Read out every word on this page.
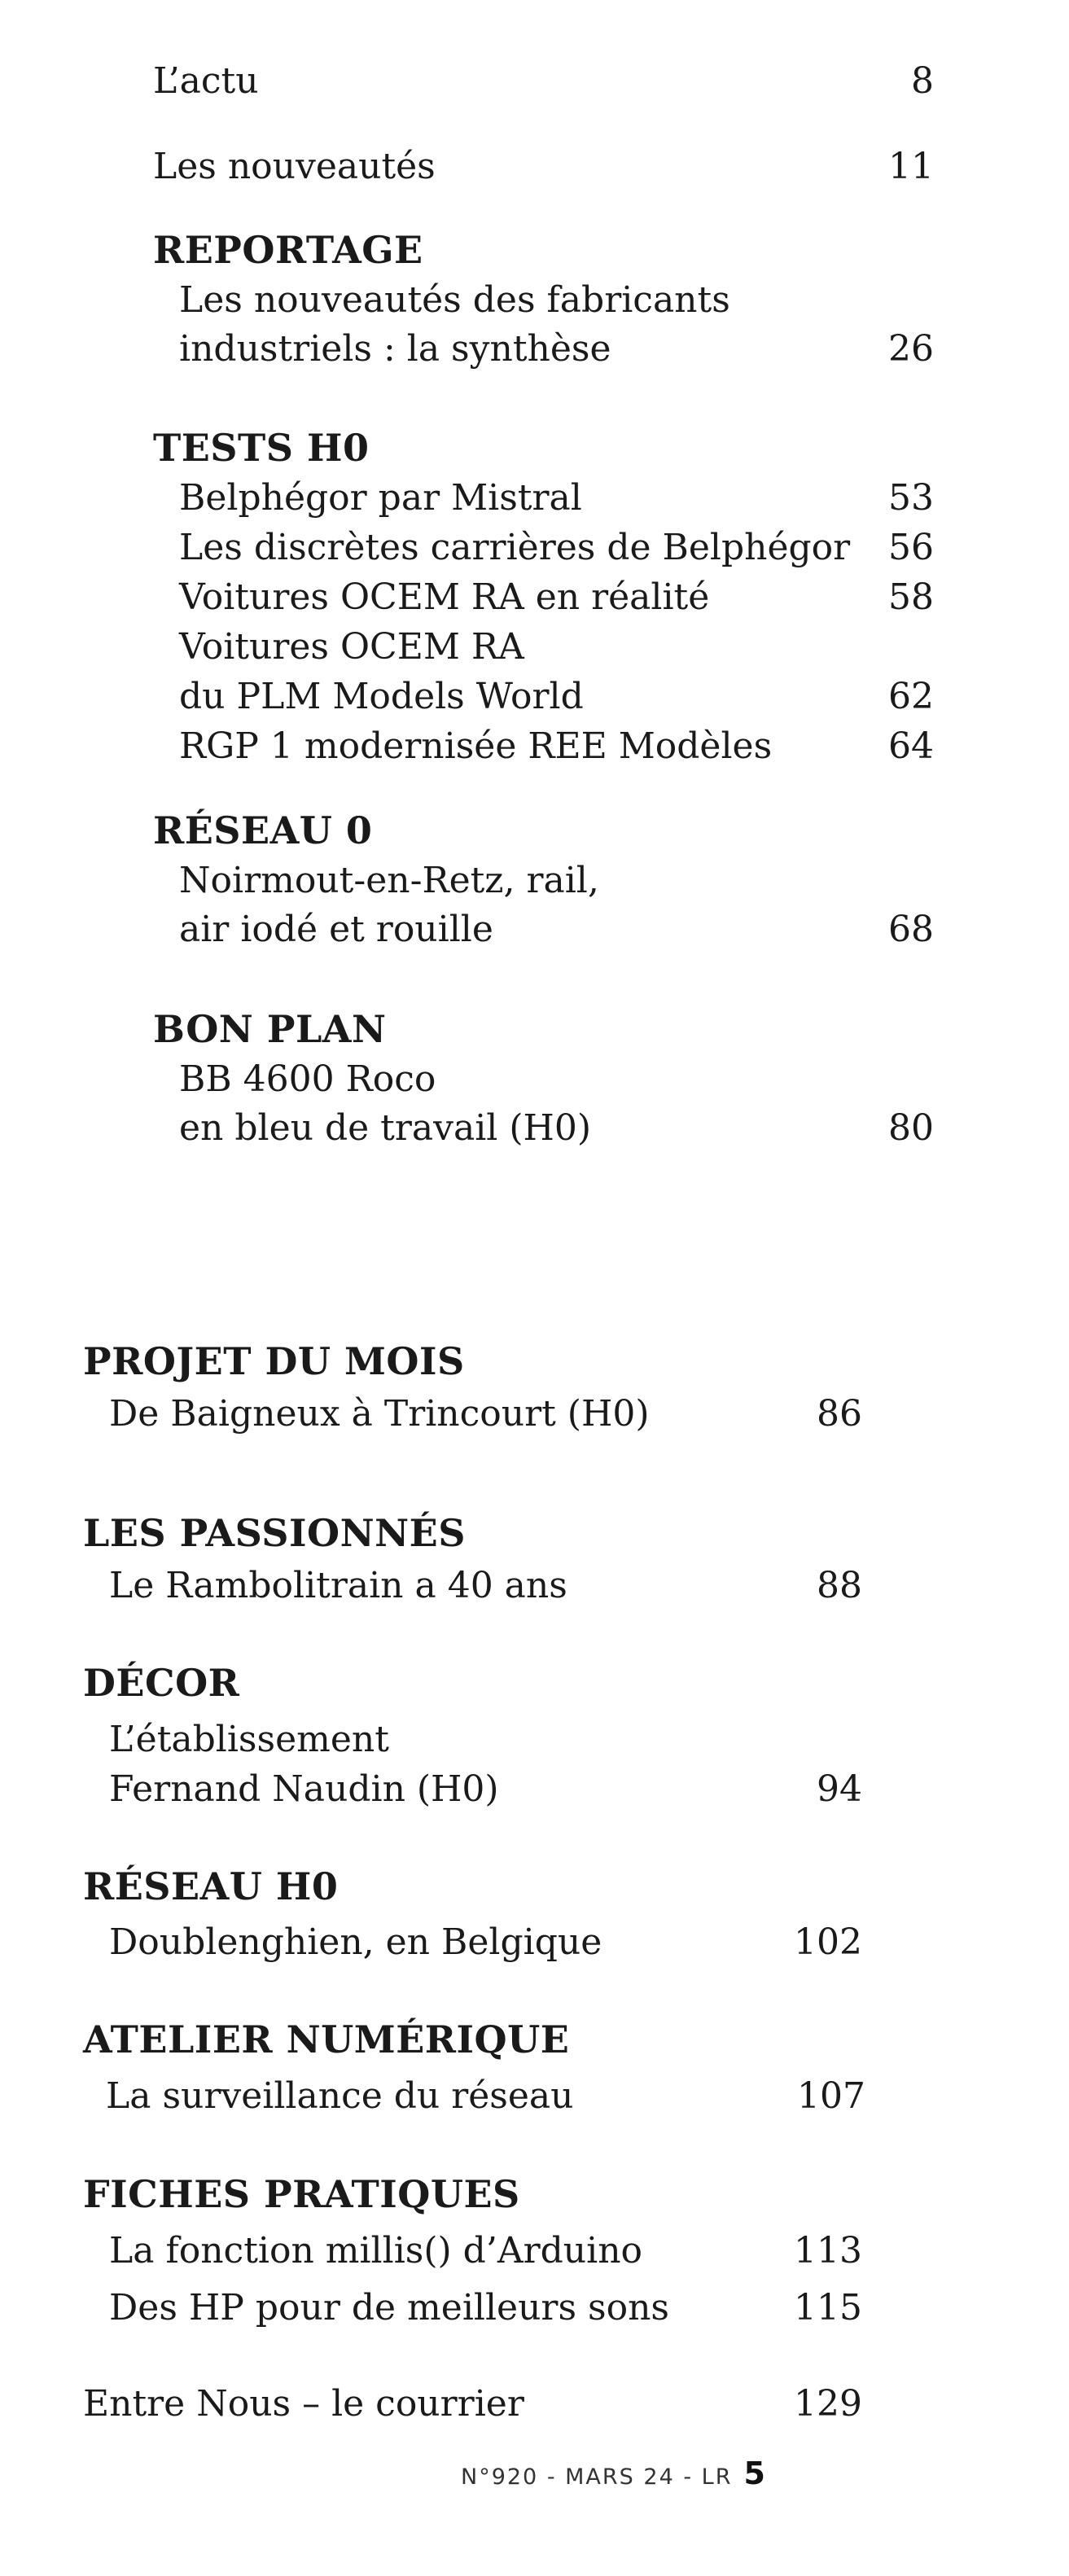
L’actu	8
Les nouveautés	11
REPORTAGE
Les nouveautés des fabricants
industriels : la synthèse	26
TESTS H0
Belphégor par Mistral	53
Les discrètes carrières de Belphégor 56
Voitures OCEM RA en réalité	58
Voitures OCEM RA
du PLM Models World	62
RGP 1 modernisée REE Modèles	64
RÉSEAU 0
Noirmout-en-Retz, rail,
air iodé et rouille	68
BON PLAN
BB 4600 Roco
en bleu de travail (H0)	80
PROJET DU MOIS
De Baigneux à Trincourt (H0)	86
LES PASSIONNÉS
Le Rambolitrain a 40 ans	88
DÉCOR
L’établissement
Fernand Naudin (H0)	94
RÉSEAU H0
Doublenghien, en Belgique	102
ATELIER NUMÉRIQUE
La surveillance du réseau	107
FICHES PRATIQUES
La fonction millis() d’Arduino	113
Des HP pour de meilleurs sons	115
Entre Nous – le courrier	129
N°920 - MARS 24 - LR 5
